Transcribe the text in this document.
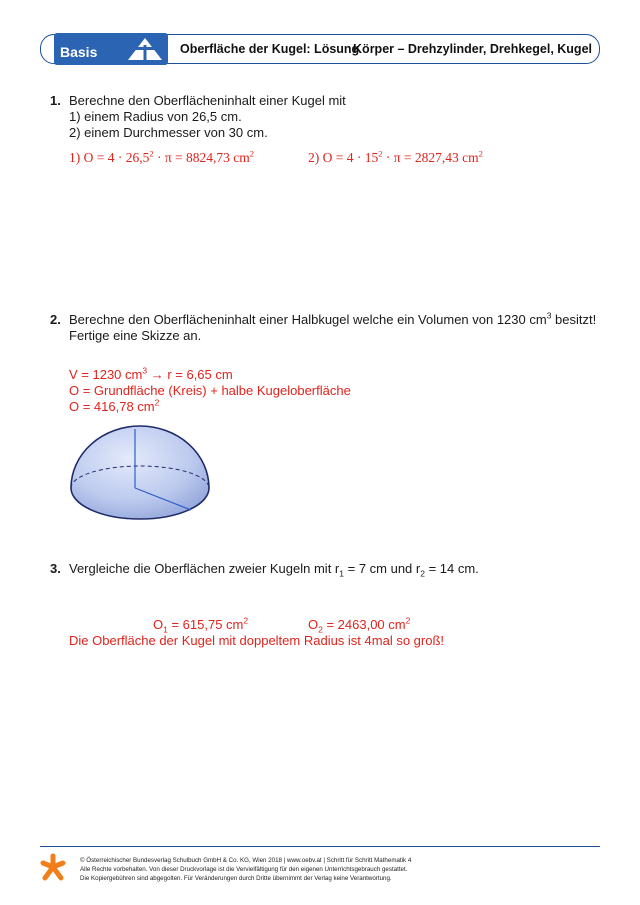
Basis	Oberfläche der Kugel: Lösung
Körper – Drehzylinder, Drehkegel, Kugel
1. Berechne den Oberflächeninhalt einer Kugel mit
1) einem Radius von 26,5 cm.
2) einem Durchmesser von 30 cm.
1) $O = 4 \cdot 26,5^2 \cdot \pi = 8824,73$ $cm^2$	2) $O = 4 \cdot 15^2 \cdot \pi = 2827,43$ $cm^2$
2. Berechne den Oberflächeninhalt einer Halbkugel welche ein Volumen von 1230 $cm^3$ besitzt!
Fertige eine Skizze an.
V = 1230 $cm^3 \to r = 6,65$ cm
O = Grundfläche (Kreis) + halbe Kugeloberfläche
O = 416,78 $cm^2$
3. Vergleiche die Oberflächen zweier Kugeln mit $r_1 = 7$ cm und $r_2 = 14$ cm.
$O_1 = 615,75$ $cm^2$	$O_2 = 2463,00$ $cm^2$
Die Oberfläche der Kugel mit doppeltem Radius ist 4mal so groß!
© Österreichischer Bundesverlag Schulbuch GmbH & Co. KG, Wien 2018 | www.oebv.at | Schritt für Schritt Mathematik 4
Alle Rechte vorbehalten. Von dieser Druckvorlage ist die Vervielfältigung für den eigenen Unterrichtsgebrauch gestattet.
Die Kopiergebühren sind abgegolten. Für Veränderungen durch Dritte übernimmt der Verlag keine Verantwortung.
